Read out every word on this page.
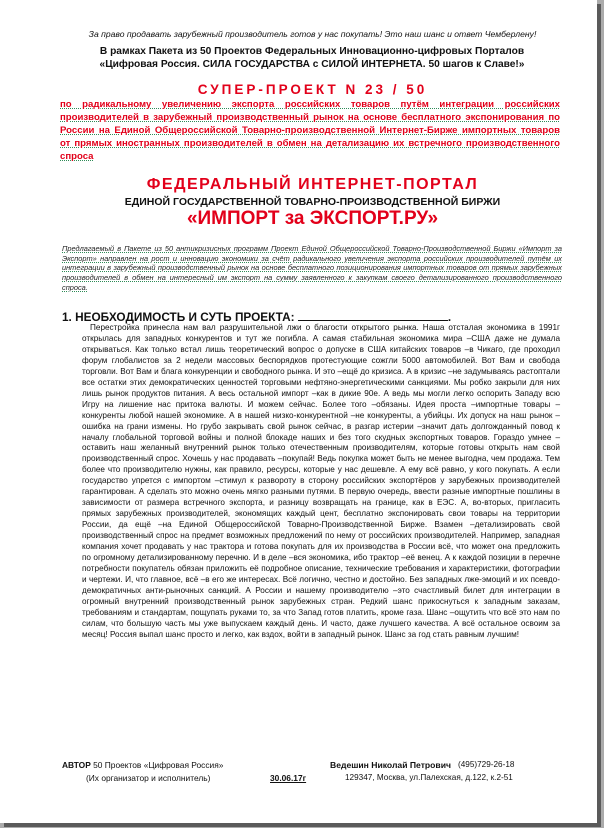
За право продавать зарубежный производитель готов у нас покупать! Это наш шанс и ответ Чемберлену!
В рамках Пакета из 50 Проектов Федеральных Инновационно-цифровых Порталов
«Цифровая Россия. СИЛА ГОСУДАРСТВА с СИЛОЙ ИНТЕРНЕТА. 50 шагов к Славе!»
СУПЕР-ПРОЕКТ N 23 / 50
по радикальному увеличению экспорта российских товаров путём интеграции российских производителей в зарубежный производственный рынок на основе бесплатного экспонирования по России на Единой Общероссийской Товарно-производственной Интернет-Бирже импортных товаров от прямых иностранных производителей в обмен на детализацию их встречного производственного спроса
ФЕДЕРАЛЬНЫЙ ИНТЕРНЕТ-ПОРТАЛ
ЕДИНОЙ ГОСУДАРСТВЕННОЙ ТОВАРНО-ПРОИЗВОДСТВЕННОЙ БИРЖИ
«ИМПОРТ за ЭКСПОРТ.РУ»
Предлагаемый в Пакете из 50 антикризисных программ Проект Единой Общероссийской Товарно-Производственной Биржи «Импорт за Экспорт» направлен на рост и инновацию экономики за счёт радикального увеличения экспорта российских производителей путём их интеграции в зарубежный производственный рынок на основе бесплатного позиционирования импортных товаров от прямых зарубежных производителей в обмен на интересный им экспорт на сумму заявленного к закупкам своего детализированного производственного спроса.
1. НЕОБХОДИМОСТЬ И СУТЬ ПРОЕКТА:	.

Перестройка принесла нам вал разрушительной лжи о благости открытого рынка. Наша отсталая экономика в 1991г открылась для западных конкурентов и тут же погибла. А самая стабильная экономика мира –США даже не думала открываться. Как только встал лишь теоретический вопрос о допуске в США китайских товаров –в Чикаго, где проходил форум глобалистов за 2 недели массовых беспорядков протестующие сожгли 5000 автомобилей. Вот Вам и свобода торговли. Вот Вам и блага конкуренции и свободного рынка. И это –ещё до кризиса. А в кризис –не задумываясь растоптали все остатки этих демократических ценностей торговыми нефтяно-энергетическими санкциями. Мы робко закрыли для них лишь рынок продуктов питания. А весь остальной импорт –как в дикие 90е. А ведь мы могли легко оспорить Западу всю Игру на лишение нас притока валюты. И можем сейчас. Более того –обязаны. Идея проста –импортные товары –конкуренты любой нашей экономике. А в нашей низко-конкурентной –не конкуренты, а убийцы. Их допуск на наш рынок –ошибка на грани измены. Но грубо закрывать свой рынок сейчас, в разгар истерии –значит дать долгожданный повод к началу глобальной торговой войны и полной блокаде наших и без того скудных экспортных товаров. Гораздо умнее –оставить наш желанный внутренний рынок только отечественным производителям, которые готовы открыть нам свой производственный спрос. Хочешь у нас продавать –покупай! Ведь покупка может быть не менее выгодна, чем продажа. Тем более что производителю нужны, как правило, ресурсы, которые у нас дешевле. А ему всё равно, у кого покупать. А если государство упрется с импортом –стимул к развороту в сторону российских экспортёров у зарубежных производителей гарантирован. А сделать это можно очень мягко разными путями. В первую очередь, ввести разные импортные пошлины в зависимости от размера встречного экспорта, и разницу возвращать на границе, как в ЕЭС. А, во-вторых, пригласить прямых зарубежных производителей, экономящих каждый цент, бесплатно экспонировать свои товары на территории России, да ещё –на Единой Общероссийской Товарно-Производственной Бирже. Взамен –детализировать свой производственный спрос на предмет возможных предложений по нему от российских производителей. Например, западная компания хочет продавать у нас трактора и готова покупать для их производства в России всё, что может она предложить по огромному детализированному перечню. И в деле –вся экономика, ибо трактор –её венец. А к каждой позиции в перечне потребности покупатель обязан приложить её подробное описание, технические требования и характеристики, фотографии и чертежи. И, что главное, всё –в его же интересах. Всё логично, честно и достойно. Без западных лже-эмоций и их псевдо-демократичных анти-рыночных санкций. А России и нашему производителю –это счастливый билет для интеграции в огромный внутренний производственный рынок зарубежных стран. Редкий шанс прикоснуться к западным заказам, требованиям и стандартам, пощупать руками то, за что Запад готов платить, кроме газа. Шанс –ощутить что всё это нам по силам, что большую часть мы уже выпускаем каждый день. И часто, даже лучшего качества. А всё остальное освоим за месяц! Россия выпал шанс просто и легко, как вздох, войти в западный рынок. Шанс за год стать равным лучшим!

АВТОР 50 Проектов «Цифровая Россия»
(Их организатор и исполнитель)	30.06.17г
Ведешин Николай Петрович (495)729-26-18
129347, Москва, ул.Палехская, д.122, к.2-51
